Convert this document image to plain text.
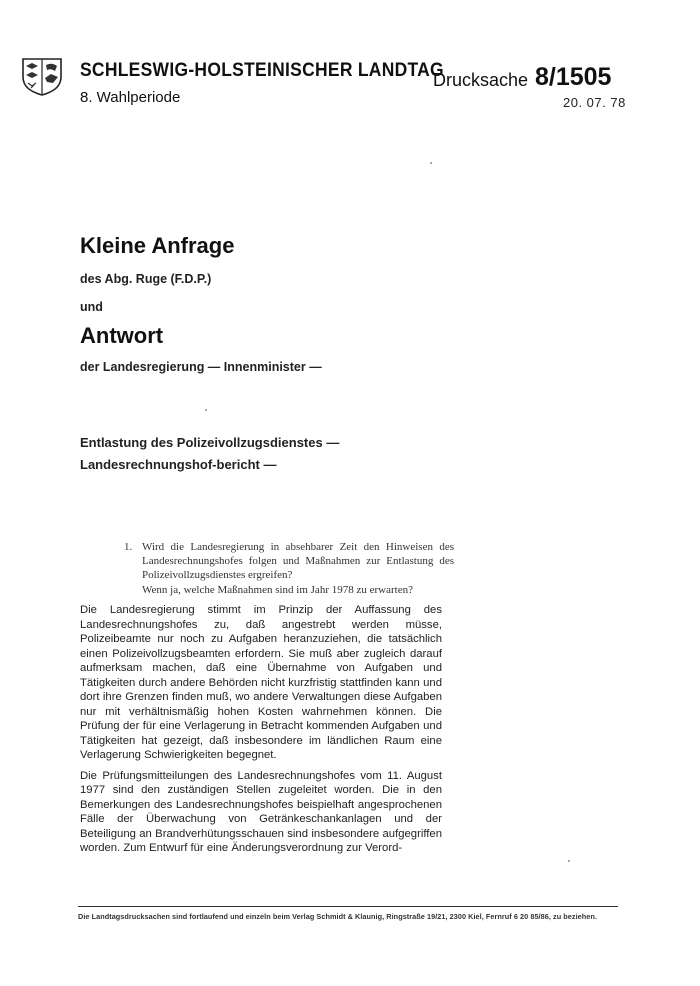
SCHLESWIG-HOLSTEINISCHER LANDTAG
8. Wahlperiode
Drucksache 8/1505
20. 07. 78
Kleine Anfrage
des Abg. Ruge (F.D.P.)
und
Antwort
der Landesregierung — Innenminister —
Entlastung des Polizeivollzugsdienstes — Landesrechnungshof-bericht —
1. Wird die Landesregierung in absehbarer Zeit den Hinweisen des Landesrechnungshofes folgen und Maßnahmen zur Entlastung des Polizeivollzugsdienstes ergreifen?
Wenn ja, welche Maßnahmen sind im Jahr 1978 zu erwarten?

Die Landesregierung stimmt im Prinzip der Auffassung des Landesrechnungshofes zu, daß angestrebt werden müsse, Polizeibeamte nur noch zu Aufgaben heranzuziehen, die tatsächlich einen Polizeivollzugsbeamten erfordern. Sie muß aber zugleich darauf aufmerksam machen, daß eine Übernahme von Aufgaben und Tätigkeiten durch andere Behörden nicht kurzfristig stattfinden kann und dort ihre Grenzen finden muß, wo andere Verwaltungen diese Aufgaben nur mit verhältnismäßig hohen Kosten wahrnehmen können. Die Prüfung der für eine Verlagerung in Betracht kommenden Aufgaben und Tätigkeiten hat gezeigt, daß insbesondere im ländlichen Raum eine Verlagerung Schwierigkeiten begegnet.

Die Prüfungsmitteilungen des Landesrechnungshofes vom 11. August 1977 sind den zuständigen Stellen zugeleitet worden. Die in den Bemerkungen des Landesrechnungshofes beispielhaft angesprochenen Fälle der Überwachung von Getränkeschankanlagen und der Beteiligung an Brandverhütungsschauen sind insbesondere aufgegriffen worden. Zum Entwurf für eine Änderungsverordnung zur Verord-

Die Landtagsdrucksachen sind fortlaufend und einzeln beim Verlag Schmidt & Klaunig, Ringstraße 19/21, 2300 Kiel, Fernruf 6 20 85/86, zu beziehen.
